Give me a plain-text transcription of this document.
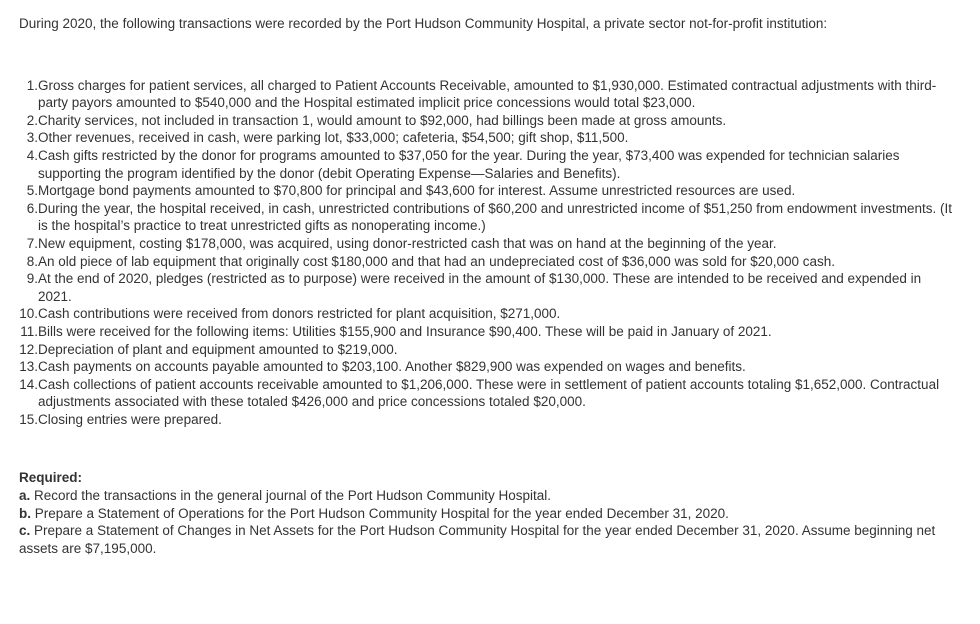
During 2020, the following transactions were recorded by the Port Hudson Community Hospital, a private sector not-for-profit institution:

1. Gross charges for patient services, all charged to Patient Accounts Receivable, amounted to $1,930,000. Estimated contractual adjustments with third-party payors amounted to $540,000 and the Hospital estimated implicit price concessions would total $23,000.
2. Charity services, not included in transaction 1, would amount to $92,000, had billings been made at gross amounts.
3. Other revenues, received in cash, were parking lot, $33,000; cafeteria, $54,500; gift shop, $11,500.
4. Cash gifts restricted by the donor for programs amounted to $37,050 for the year. During the year, $73,400 was expended for technician salaries supporting the program identified by the donor (debit Operating Expense—Salaries and Benefits).
5. Mortgage bond payments amounted to $70,800 for principal and $43,600 for interest. Assume unrestricted resources are used.
6. During the year, the hospital received, in cash, unrestricted contributions of $60,200 and unrestricted income of $51,250 from endowment investments. (It is the hospital’s practice to treat unrestricted gifts as nonoperating income.)
7. New equipment, costing $178,000, was acquired, using donor-restricted cash that was on hand at the beginning of the year.
8. An old piece of lab equipment that originally cost $180,000 and that had an undepreciated cost of $36,000 was sold for $20,000 cash.
9. At the end of 2020, pledges (restricted as to purpose) were received in the amount of $130,000. These are intended to be received and expended in 2021.
10. Cash contributions were received from donors restricted for plant acquisition, $271,000.
11. Bills were received for the following items: Utilities $155,900 and Insurance $90,400. These will be paid in January of 2021.
12. Depreciation of plant and equipment amounted to $219,000.
13. Cash payments on accounts payable amounted to $203,100. Another $829,900 was expended on wages and benefits.
14. Cash collections of patient accounts receivable amounted to $1,206,000. These were in settlement of patient accounts totaling $1,652,000. Contractual adjustments associated with these totaled $426,000 and price concessions totaled $20,000.
15. Closing entries were prepared.
Required:
a. Record the transactions in the general journal of the Port Hudson Community Hospital.
b. Prepare a Statement of Operations for the Port Hudson Community Hospital for the year ended December 31, 2020.
c. Prepare a Statement of Changes in Net Assets for the Port Hudson Community Hospital for the year ended December 31, 2020. Assume beginning net assets are $7,195,000.
